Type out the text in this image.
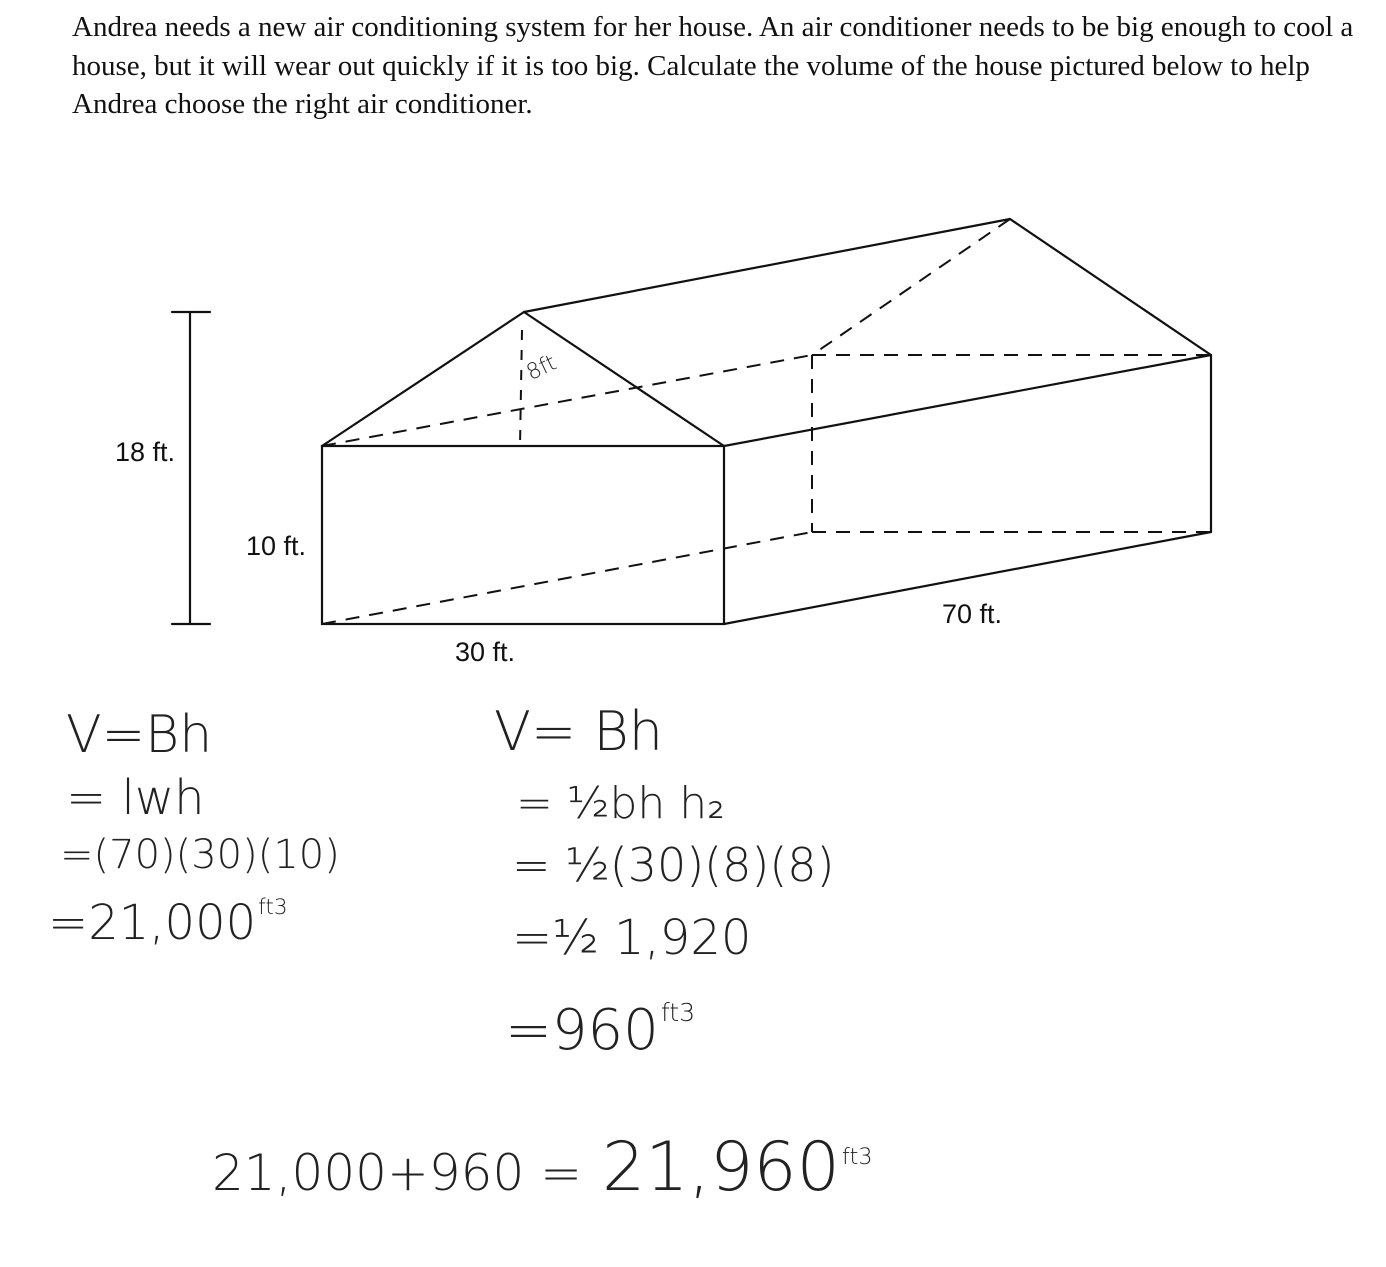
Andrea needs a new air conditioning system for her house. An air conditioner needs to be big enough to cool a house, but it will wear out quickly if it is too big. Calculate the volume of the house pictured below to help Andrea choose the right air conditioner.
18 ft.
10 ft.
30 ft.
70 ft.
8ft
V=Bh
= lwh
=(70)(30)(10)
$=21,000^{ft3}$
V= Bh
= ½bh h₂
= ½(30)(8)(8)
=½ 1,920
$=960^{ft3}$
$21,000+960 = 21,960^{ft3}$
